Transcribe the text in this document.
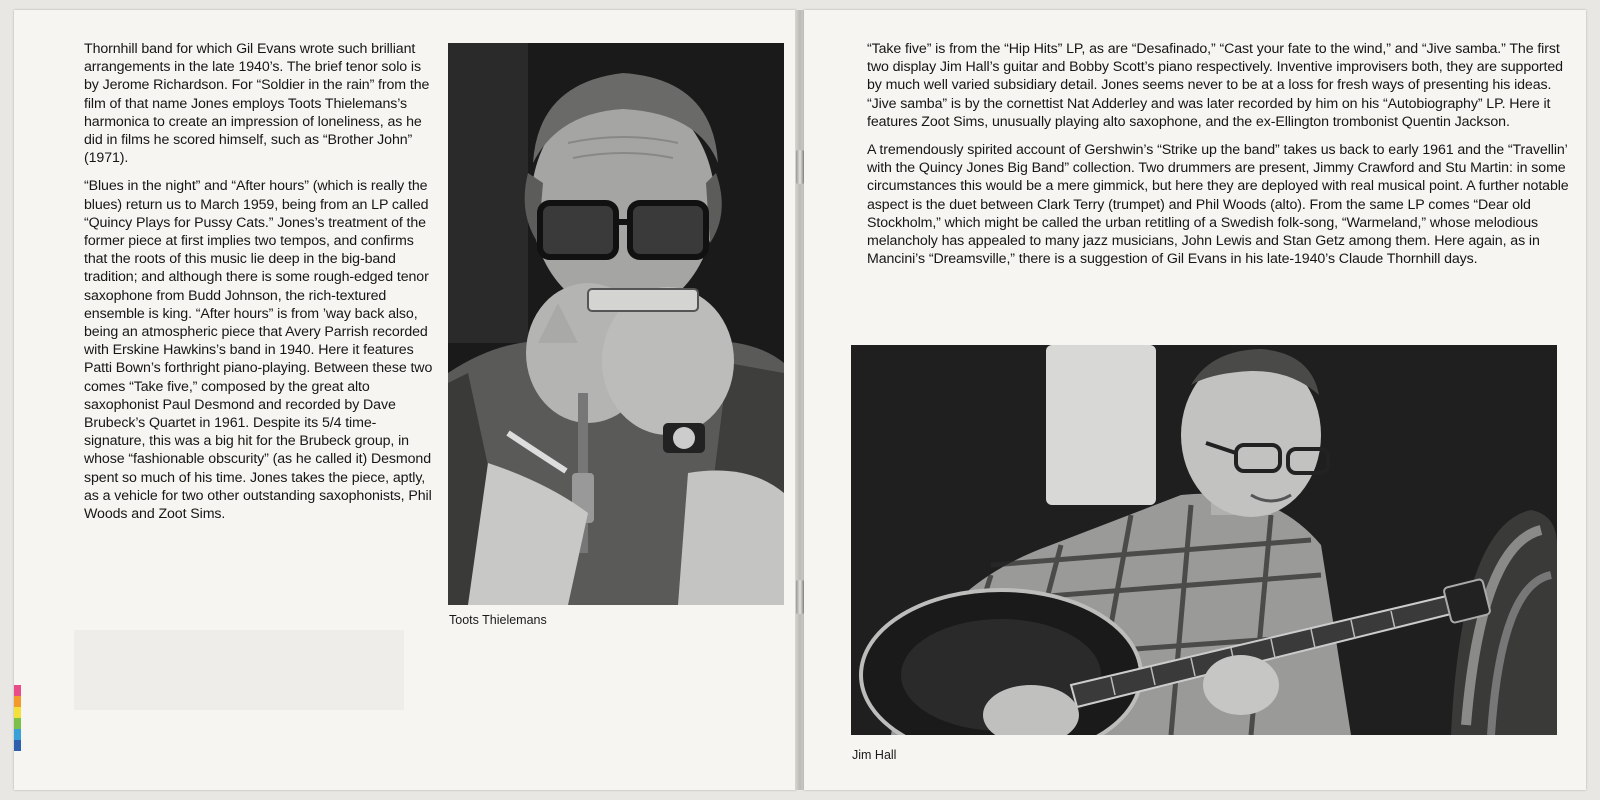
Thornhill band for which Gil Evans wrote such brilliant arrangements in the late 1940’s. The brief tenor solo is by Jerome Richardson. For “Soldier in the rain” from the film of that name Jones employs Toots Thielemans’s harmonica to create an impression of loneliness, as he did in films he scored himself, such as “Brother John” (1971).

“Blues in the night” and “After hours” (which is really the blues) return us to March 1959, being from an LP called “Quincy Plays for Pussy Cats.” Jones’s treatment of the former piece at first implies two tempos, and confirms that the roots of this music lie deep in the big-band tradition; and although there is some rough-edged tenor saxophone from Budd Johnson, the rich-textured ensemble is king. “After hours” is from ’way back also, being an atmospheric piece that Avery Parrish recorded with Erskine Hawkins’s band in 1940. Here it features Patti Bown’s forthright piano-playing. Between these two comes “Take five,” composed by the great alto saxophonist Paul Desmond and recorded by Dave Brubeck’s Quartet in 1961. Despite its 5/4 time-signature, this was a big hit for the Brubeck group, in whose “fashionable obscurity” (as he called it) Desmond spent so much of his time. Jones takes the piece, aptly, as a vehicle for two other outstanding saxophonists, Phil Woods and Zoot Sims.

Toots Thielemans

“Take five” is from the “Hip Hits” LP, as are “Desafinado,” “Cast your fate to the wind,” and “Jive samba.” The first two display Jim Hall’s guitar and Bobby Scott’s piano respectively. Inventive improvisers both, they are supported by much well varied subsidiary detail. Jones seems never to be at a loss for fresh ways of presenting his ideas. “Jive samba” is by the cornettist Nat Adderley and was later recorded by him on his “Autobiography” LP. Here it features Zoot Sims, unusually playing alto saxophone, and the ex-Ellington trombonist Quentin Jackson.

A tremendously spirited account of Gershwin’s “Strike up the band” takes us back to early 1961 and the “Travellin’ with the Quincy Jones Big Band” collection. Two drummers are present, Jimmy Crawford and Stu Martin: in some circumstances this would be a mere gimmick, but here they are deployed with real musical point. A further notable aspect is the duet between Clark Terry (trumpet) and Phil Woods (alto). From the same LP comes “Dear old Stockholm,” which might be called the urban retitling of a Swedish folk-song, “Warmeland,” whose melodious melancholy has appealed to many jazz musicians, John Lewis and Stan Getz among them. Here again, as in Mancini’s “Dreamsville,” there is a suggestion of Gil Evans in his late-1940’s Claude Thornhill days.

Jim Hall
